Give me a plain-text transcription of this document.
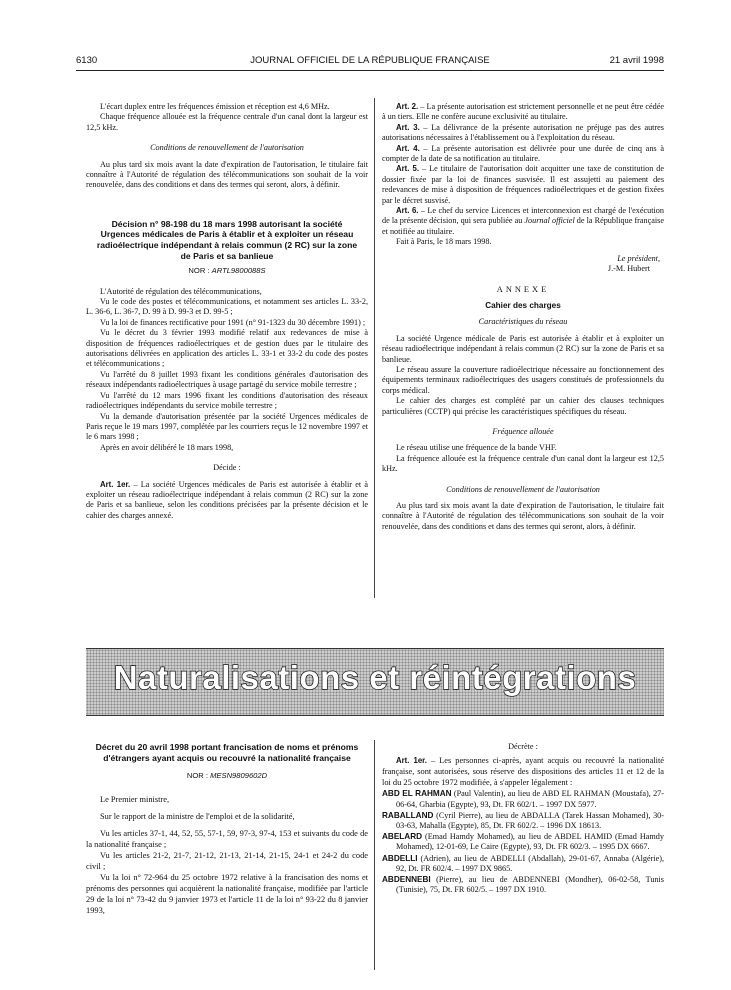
6130	JOURNAL OFFICIEL DE LA RÉPUBLIQUE FRANÇAISE	21 avril 1998

L'écart duplex entre les fréquences émission et réception est 4,6 MHz.

Chaque fréquence allouée est la fréquence centrale d'un canal dont la largeur est 12,5 kHz.

Conditions de renouvellement de l'autorisation

Au plus tard six mois avant la date d'expiration de l'autorisation, le titulaire fait connaître à l'Autorité de régulation des télécommunications son souhait de la voir renouvelée, dans des conditions et dans des termes qui seront, alors, à définir.

Décision n° 98-198 du 18 mars 1998 autorisant la société Urgences médicales de Paris à établir et à exploiter un réseau radioélectrique indépendant à relais commun (2 RC) sur la zone de Paris et sa banlieue

NOR : ARTL9800088S

L'Autorité de régulation des télécommunications,

Vu le code des postes et télécommunications, et notamment ses articles L. 33-2, L. 36-6, L. 36-7, D. 99 à D. 99-3 et D. 99-5 ;

Vu la loi de finances rectificative pour 1991 (n° 91-1323 du 30 décembre 1991) ;

Vu le décret du 3 février 1993 modifié relatif aux redevances de mise à disposition de fréquences radioélectriques et de gestion dues par le titulaire des autorisations délivrées en application des articles L. 33-1 et 33-2 du code des postes et télécommunications ;

Vu l'arrêté du 8 juillet 1993 fixant les conditions générales d'autorisation des réseaux indépendants radioélectriques à usage partagé du service mobile terrestre ;

Vu l'arrêté du 12 mars 1996 fixant les conditions d'autorisation des réseaux radioélectriques indépendants du service mobile terrestre ;

Vu la demande d'autorisation présentée par la société Urgences médicales de Paris reçue le 19 mars 1997, complétée par les courriers reçus le 12 novembre 1997 et le 6 mars 1998 ;

Après en avoir délibéré le 18 mars 1998,

Décide :

Art. 1er. – La société Urgences médicales de Paris est autorisée à établir et à exploiter un réseau radioélectrique indépendant à relais commun (2 RC) sur la zone de Paris et sa banlieue, selon les conditions précisées par la présente décision et le cahier des charges annexé.

Art. 2. – La présente autorisation est strictement personnelle et ne peut être cédée à un tiers. Elle ne confère aucune exclusivité au titulaire.

Art. 3. – La délivrance de la présente autorisation ne préjuge pas des autres autorisations nécessaires à l'établissement ou à l'exploitation du réseau.

Art. 4. – La présente autorisation est délivrée pour une durée de cinq ans à compter de la date de sa notification au titulaire.

Art. 5. – Le titulaire de l'autorisation doit acquitter une taxe de constitution de dossier fixée par la loi de finances susvisée. Il est assujetti au paiement des redevances de mise à disposition de fréquences radioélectriques et de gestion fixées par le décret susvisé.

Art. 6. – Le chef du service Licences et interconnexion est chargé de l'exécution de la présente décision, qui sera publiée au Journal officiel de la République française et notifiée au titulaire.

Fait à Paris, le 18 mars 1998.

Le président,

J.-M. Hubert

ANNEXE

Cahier des charges

Caractéristiques du réseau

La société Urgence médicale de Paris est autorisée à établir et à exploiter un réseau radioélectrique indépendant à relais commun (2 RC) sur la zone de Paris et sa banlieue.

Le réseau assure la couverture radioélectrique nécessaire au fonctionnement des équipements terminaux radioélectriques des usagers constitués de professionnels du corps médical.

Le cahier des charges est complété par un cahier des clauses techniques particulières (CCTP) qui précise les caractéristiques spécifiques du réseau.

Fréquence allouée

Le réseau utilise une fréquence de la bande VHF.

La fréquence allouée est la fréquence centrale d'un canal dont la largeur est 12,5 kHz.

Conditions de renouvellement de l'autorisation

Au plus tard six mois avant la date d'expiration de l'autorisation, le titulaire fait connaître à l'Autorité de régulation des télécommunications son souhait de la voir renouvelée, dans des conditions et dans des termes qui seront, alors, à définir.

Naturalisations et réintégrations

Décret du 20 avril 1998 portant francisation de noms et prénoms d'étrangers ayant acquis ou recouvré la nationalité française

NOR : MESN9809602D

Le Premier ministre,

Sur le rapport de la ministre de l'emploi et de la solidarité,

Vu les articles 37-1, 44, 52, 55, 57-1, 59, 97-3, 97-4, 153 et suivants du code de la nationalité française ;

Vu les articles 21-2, 21-7, 21-12, 21-13, 21-14, 21-15, 24-1 et 24-2 du code civil ;

Vu la loi n° 72-964 du 25 octobre 1972 relative à la francisation des noms et prénoms des personnes qui acquièrent la nationalité française, modifiée par l'article 29 de la loi n° 73-42 du 9 janvier 1973 et l'article 11 de la loi n° 93-22 du 8 janvier 1993,

Décrète :

Art. 1er. – Les personnes ci-après, ayant acquis ou recouvré la nationalité française, sont autorisées, sous réserve des dispositions des articles 11 et 12 de la loi du 25 octobre 1972 modifiée, à s'appeler légalement :

ABD EL RAHMAN (Paul Valentin), au lieu de ABD EL RAHMAN (Moustafa), 27-06-64, Gharbia (Egypte), 93, Dt. FR 602/1. – 1997 DX 5977.

RABALLAND (Cyril Pierre), au lieu de ABDALLA (Tarek Hassan Mohamed), 30-03-63, Mahalla (Egypte), 85, Dt. FR 602/2. – 1996 DX 18613.

ABELARD (Emad Hamdy Mohamed), au lieu de ABDEL HAMID (Emad Hamdy Mohamed), 12-01-69, Le Caire (Egypte), 93, Dt. FR 602/3. – 1995 DX 6667.

ABDELLI (Adrien), au lieu de ABDELLI (Abdallah), 29-01-67, Annaba (Algérie), 92, Dt. FR 602/4. – 1997 DX 9865.

ABDENNEBI (Pierre), au lieu de ABDENNEBI (Mondher), 06-02-58, Tunis (Tunisie), 75, Dt. FR 602/5. – 1997 DX 1910.
